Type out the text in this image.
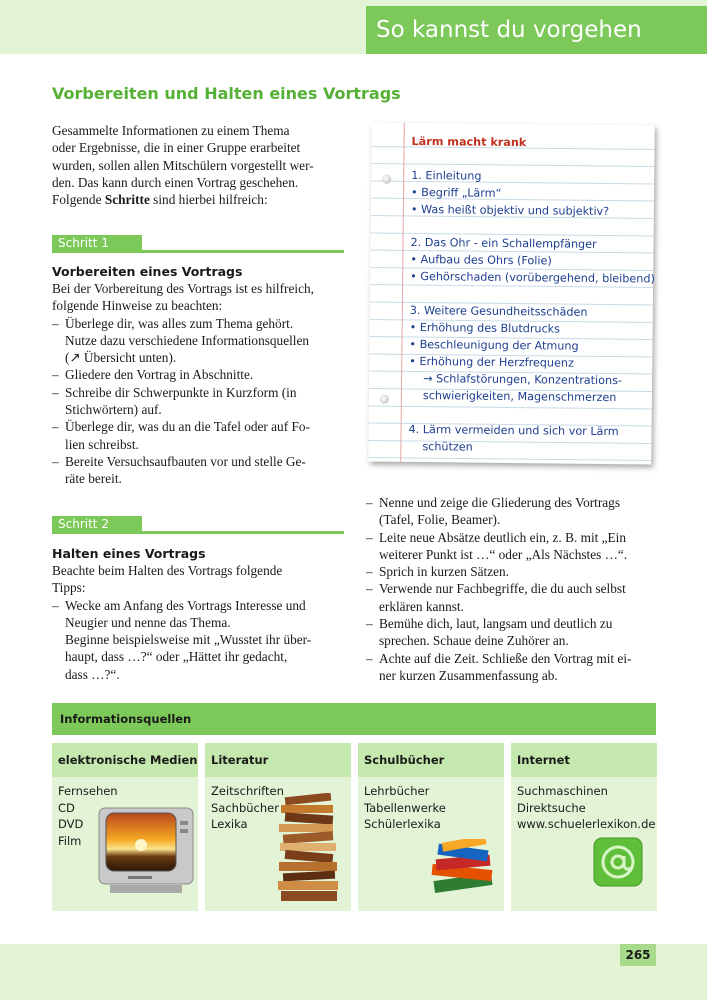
So kannst du vorgehen
Vorbereiten und Halten eines Vortrags
Gesammelte Informationen zu einem Thema
oder Ergebnisse, die in einer Gruppe erarbeitet
wurden, sollen allen Mitschülern vorgestellt wer-
den. Das kann durch einen Vortrag geschehen.
Folgende Schritte sind hierbei hilfreich:
Schritt 1
Vorbereiten eines Vortrags
Bei der Vorbereitung des Vortrags ist es hilfreich,
folgende Hinweise zu beachten:
– Überlege dir, was alles zum Thema gehört.
Nutze dazu verschiedene Informationsquellen
(↗ Übersicht unten).
– Gliedere den Vortrag in Abschnitte.
– Schreibe dir Schwerpunkte in Kurzform (in
Stichwörtern) auf.
– Überlege dir, was du an die Tafel oder auf Fo-
lien schreibst.
– Bereite Versuchsaufbauten vor und stelle Ge-
räte bereit.
Schritt 2
Halten eines Vortrags
Beachte beim Halten des Vortrags folgende
Tipps:
– Wecke am Anfang des Vortrags Interesse und
Neugier und nenne das Thema.
Beginne beispielsweise mit „Wusstet ihr über-
haupt, dass …?“ oder „Hättet ihr gedacht,
dass …?“.
– Nenne und zeige die Gliederung des Vortrags
(Tafel, Folie, Beamer).
– Leite neue Absätze deutlich ein, z. B. mit „Ein
weiterer Punkt ist …“ oder „Als Nächstes …“.
– Sprich in kurzen Sätzen.
– Verwende nur Fachbegriffe, die du auch selbst
erklären kannst.
– Bemühe dich, laut, langsam und deutlich zu
sprechen. Schaue deine Zuhörer an.
– Achte auf die Zeit. Schließe den Vortrag mit ei-
ner kurzen Zusammenfassung ab.
Lärm macht krank
1. Einleitung
• Begriff „Lärm“
• Was heißt objektiv und subjektiv?
2. Das Ohr - ein Schallempfänger
• Aufbau des Ohrs (Folie)
• Gehörschaden (vorübergehend, bleibend)
3. Weitere Gesundheitsschäden
• Erhöhung des Blutdrucks
• Beschleunigung der Atmung
• Erhöhung der Herzfrequenz
→ Schlafstörungen, Konzentrations-
schwierigkeiten, Magenschmerzen
4. Lärm vermeiden und sich vor Lärm
schützen
Informationsquellen
elektronische Medien
Fernsehen
CD
DVD
Film
Literatur
Zeitschriften
Sachbücher
Lexika
Schulbücher
Lehrbücher
Tabellenwerke
Schülerlexika
Internet
Suchmaschinen
Direktsuche
www.schuelerlexikon.de
265
